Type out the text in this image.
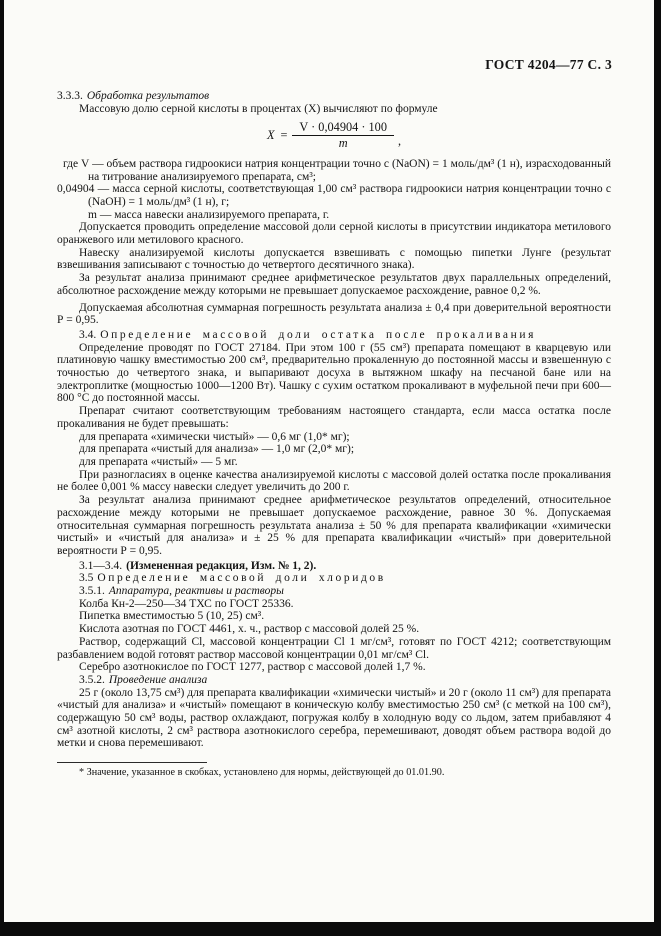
ГОСТ 4204—77 С. 3

3.3.3. Обработка результатов

Массовую долю серной кислоты в процентах (X) вычисляют по формуле

$X = \frac{V \cdot 0,04904 \cdot 100}{m}$ ,

где V — объем раствора гидроокиси натрия концентрации точно с (NaON) = 1 моль/дм³ (1 н), израсходованный на титрование анализируемого препарата, см³;

0,04904 — масса серной кислоты, соответствующая 1,00 см³ раствора гидроокиси натрия концентрации точно с (NaOH) = 1 моль/дм³ (1 н), г;

m — масса навески анализируемого препарата, г.

Допускается проводить определение массовой доли серной кислоты в присутствии индикатора метилового оранжевого или метилового красного.

Навеску анализируемой кислоты допускается взвешивать с помощью пипетки Лунге (результат взвешивания записывают с точностью до четвертого десятичного знака).

За результат анализа принимают среднее арифметическое результатов двух параллельных определений, абсолютное расхождение между которыми не превышает допускаемое расхождение, равное 0,2 %.

Допускаемая абсолютная суммарная погрешность результата анализа ± 0,4 при доверительной вероятности Р = 0,95.

3.4. Определение массовой доли остатка после прокаливания

Определение проводят по ГОСТ 27184. При этом 100 г (55 см³) препарата помещают в кварцевую или платиновую чашку вместимостью 200 см³, предварительно прокаленную до постоянной массы и взвешенную с точностью до четвертого знака, и выпаривают досуха в вытяжном шкафу на песчаной бане или на электроплитке (мощностью 1000—1200 Вт). Чашку с сухим остатком прокаливают в муфельной печи при 600—800 °С до постоянной массы.

Препарат считают соответствующим требованиям настоящего стандарта, если масса остатка после прокаливания не будет превышать:

для препарата «химически чистый» — 0,6 мг (1,0* мг);

для препарата «чистый для анализа» — 1,0 мг (2,0* мг);

для препарата «чистый» — 5 мг.

При разногласиях в оценке качества анализируемой кислоты с массовой долей остатка после прокаливания не более 0,001 % массу навески следует увеличить до 200 г.

За результат анализа принимают среднее арифметическое результатов определений, относительное расхождение между которыми не превышает допускаемое расхождение, равное 30 %. Допускаемая относительная суммарная погрешность результата анализа ± 50 % для препарата квалификации «химически чистый» и «чистый для анализа» и ± 25 % для препарата квалификации «чистый» при доверительной вероятности Р = 0,95.

3.1—3.4. (Измененная редакция, Изм. № 1, 2).

3.5 Определение массовой доли хлоридов

3.5.1. Аппаратура, реактивы и растворы

Колба Кн-2—250—34 ТХС по ГОСТ 25336.

Пипетка вместимостью 5 (10, 25) см³.

Кислота азотная по ГОСТ 4461, х. ч., раствор с массовой долей 25 %.

Раствор, содержащий Cl, массовой концентрации Cl 1 мг/см³, готовят по ГОСТ 4212; соответствующим разбавлением водой готовят раствор массовой концентрации 0,01 мг/см³ Cl.

Серебро азотнокислое по ГОСТ 1277, раствор с массовой долей 1,7 %.

3.5.2. Проведение анализа

25 г (около 13,75 см³) для препарата квалификации «химически чистый» и 20 г (около 11 см³) для препарата «чистый для анализа» и «чистый» помещают в коническую колбу вместимостью 250 см³ (с меткой на 100 см³), содержащую 50 см³ воды, раствор охлаждают, погружая колбу в холодную воду со льдом, затем прибавляют 4 см³ азотной кислоты, 2 см³ раствора азотнокислого серебра, перемешивают, доводят объем раствора водой до метки и снова перемешивают.

* Значение, указанное в скобках, установлено для нормы, действующей до 01.01.90.
